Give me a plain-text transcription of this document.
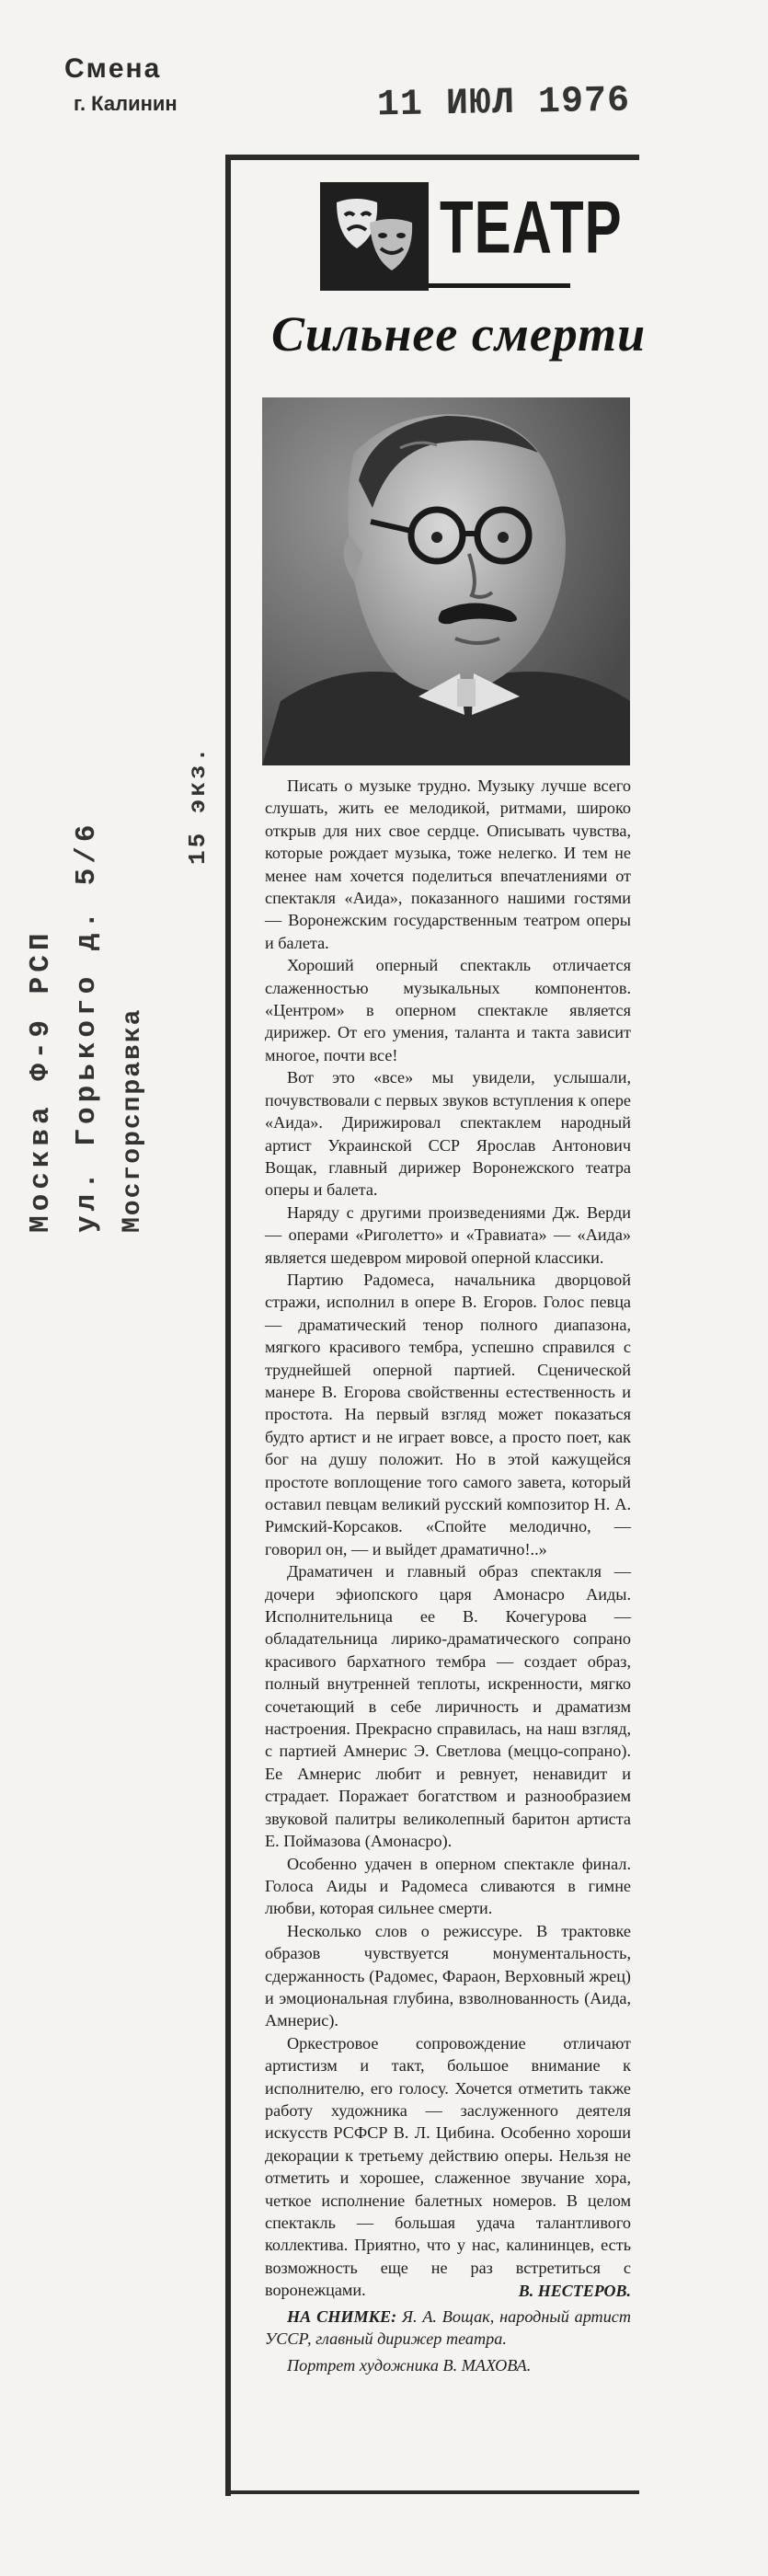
Смена
г. Калинин	11 ИЮЛ 1976
Москва Ф-9 РСП ул. Горького д. 5/6 Мосгорсправка
15 экз.
ТЕАТР
Сильнее смерти

Писать о музыке трудно. Музыку лучше всего слушать, жить ее мелодикой, ритмами, широко открыв для них свое сердце. Описывать чувства, которые рождает музыка, тоже нелегко. И тем не менее нам хочется поделиться впечатлениями от спектакля «Аида», показанного нашими гостями — Воронежским государственным театром оперы и балета.

Хороший оперный спектакль отличается слаженностью музыкальных компонентов. «Центром» в оперном спектакле является дирижер. От его умения, таланта и такта зависит многое, почти все!

Вот это «все» мы увидели, услышали, почувствовали с первых звуков вступления к опере «Аида». Дирижировал спектаклем народный артист Украинской ССР Ярослав Антонович Вощак, главный дирижер Воронежского театра оперы и балета.

Наряду с другими произведениями Дж. Верди — операми «Риголетто» и «Травиата» — «Аида» является шедевром мировой оперной классики.

Партию Радомеса, начальника дворцовой стражи, исполнил в опере В. Егоров. Голос певца — драматический тенор полного диапазона, мягкого красивого тембра, успешно справился с труднейшей оперной партией. Сценической манере В. Егорова свойственны естественность и простота. На первый взгляд может показаться будто артист и не играет вовсе, а просто поет, как бог на душу положит. Но в этой кажущейся простоте воплощение того самого завета, который оставил певцам великий русский композитор Н. А. Римский-Корсаков. «Спойте мелодично, — говорил он, — и выйдет драматично!..»

Драматичен и главный образ спектакля — дочери эфиопского царя Амонасро Аиды. Исполнительница ее В. Кочегурова — обладательница лирико-драматического сопрано красивого бархатного тембра — создает образ, полный внутренней теплоты, искренности, мягко сочетающий в себе лиричность и драматизм настроения. Прекрасно справилась, на наш взгляд, с партией Амнерис Э. Светлова (меццо-сопрано). Ее Амнерис любит и ревнует, ненавидит и страдает. Поражает богатством и разнообразием звуковой палитры великолепный баритон артиста Е. Поймазова (Амонасро).

Особенно удачен в оперном спектакле финал. Голоса Аиды и Радомеса сливаются в гимне любви, которая сильнее смерти.

Несколько слов о режиссуре. В трактовке образов чувствуется монументальность, сдержанность (Радомес, Фараон, Верховный жрец) и эмоциональная глубина, взволнованность (Аида, Амнерис).

Оркестровое сопровождение отличают артистизм и такт, большое внимание к исполнителю, его голосу. Хочется отметить также работу художника — заслуженного деятеля искусств РСФСР В. Л. Цибина. Особенно хороши декорации к третьему действию оперы. Нельзя не отметить и хорошее, слаженное звучание хора, четкое исполнение балетных номеров. В целом спектакль — большая удача талантливого коллектива. Приятно, что у нас, калининцев, есть возможность еще не раз встретиться с воронежцами.	В. НЕСТЕРОВ.
НА СНИМКЕ: Я. А. Вощак, народный артист УССР, главный дирижер театра.
Портрет художника В. МАХОВА.
